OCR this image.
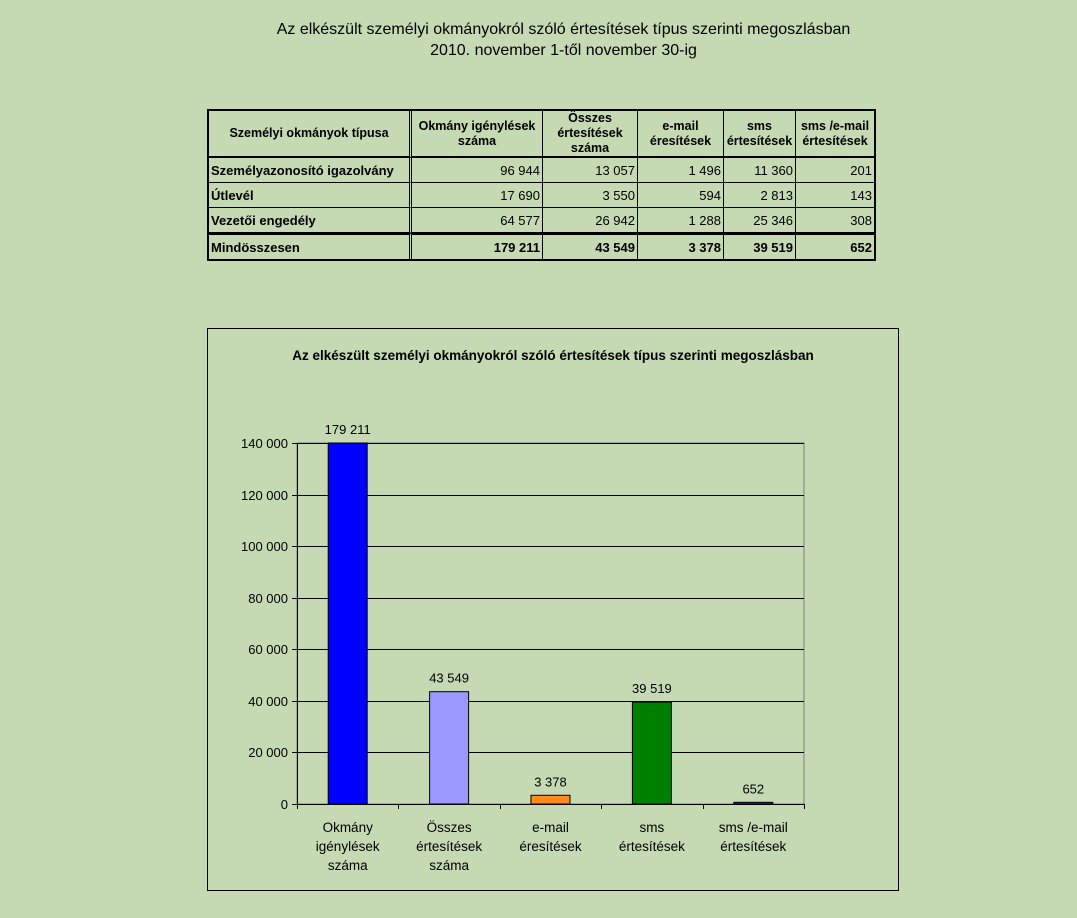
Az elkészült személyi okmányokról szóló értesítések típus szerinti megoszlásban
2010. november 1-től november 30-ig
Személyi okmányok típusa	Okmány igénylések száma	Összes értesítések száma	e-mail éresítések	sms értesítések	sms /e-mail értesítések
Személyazonosító igazolvány	96 944	13 057	1 496	11 360	201
Útlevél	17 690	3 550	594	2 813	143
Vezetői engedély	64 577	26 942	1 288	25 346	308
Mindösszesen	179 211	43 549	3 378	39 519	652
Az elkészült személyi okmányokról szóló értesítések típus szerinti megoszlásban
0
20 000
40 000
60 000
80 000
100 000
120 000
140 000
179 211
Okmány igénylések száma
43 549
Összes értesítések száma
3 378
e-mail éresítések
39 519
sms értesítések
652
sms /e-mail értesítések
